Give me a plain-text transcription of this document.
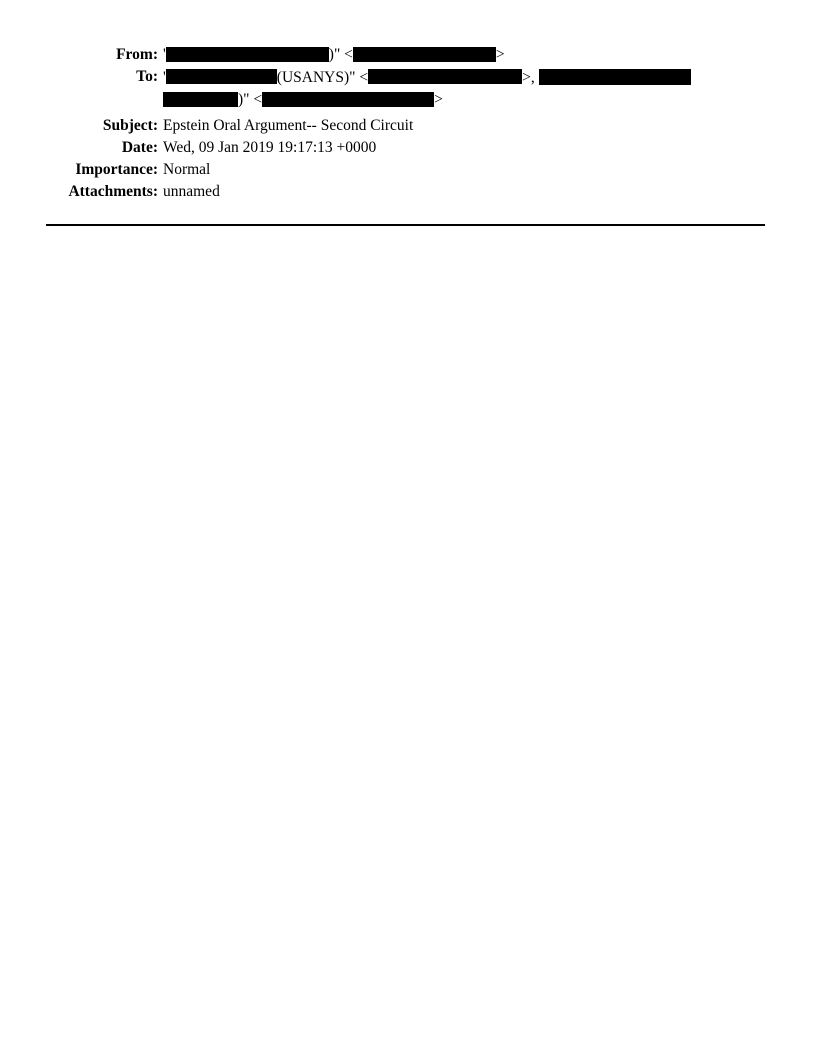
From: '	)" <	>
To: '	(USANYS)" <	>,
)" <	>
Subject: Epstein Oral Argument-- Second Circuit
Date: Wed, 09 Jan 2019 19:17:13 +0000
Importance: Normal
Attachments: unnamed
